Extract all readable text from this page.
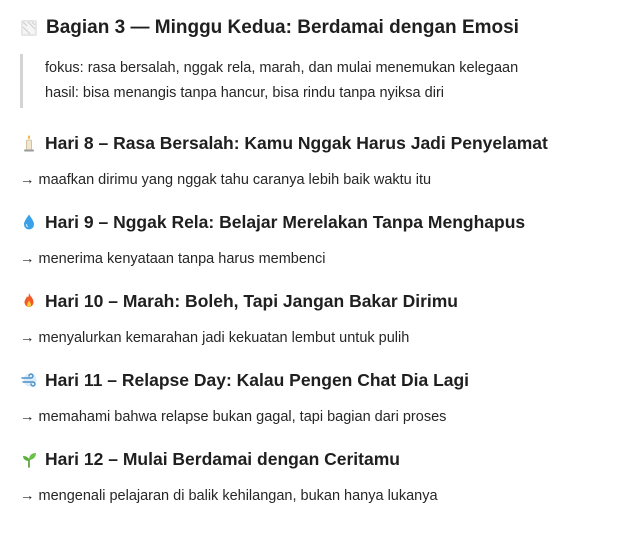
Bagian 3 — Minggu Kedua: Berdamai dengan Emosi
fokus: rasa bersalah, nggak rela, marah, dan mulai menemukan kelegaan
hasil: bisa menangis tanpa hancur, bisa rindu tanpa nyiksa diri
Hari 8 – Rasa Bersalah: Kamu Nggak Harus Jadi Penyelamat
→ maafkan dirimu yang nggak tahu caranya lebih baik waktu itu
Hari 9 – Nggak Rela: Belajar Merelakan Tanpa Menghapus
→ menerima kenyataan tanpa harus membenci
Hari 10 – Marah: Boleh, Tapi Jangan Bakar Dirimu
→ menyalurkan kemarahan jadi kekuatan lembut untuk pulih
Hari 11 – Relapse Day: Kalau Pengen Chat Dia Lagi
→ memahami bahwa relapse bukan gagal, tapi bagian dari proses
Hari 12 – Mulai Berdamai dengan Ceritamu
→ mengenali pelajaran di balik kehilangan, bukan hanya lukanya
